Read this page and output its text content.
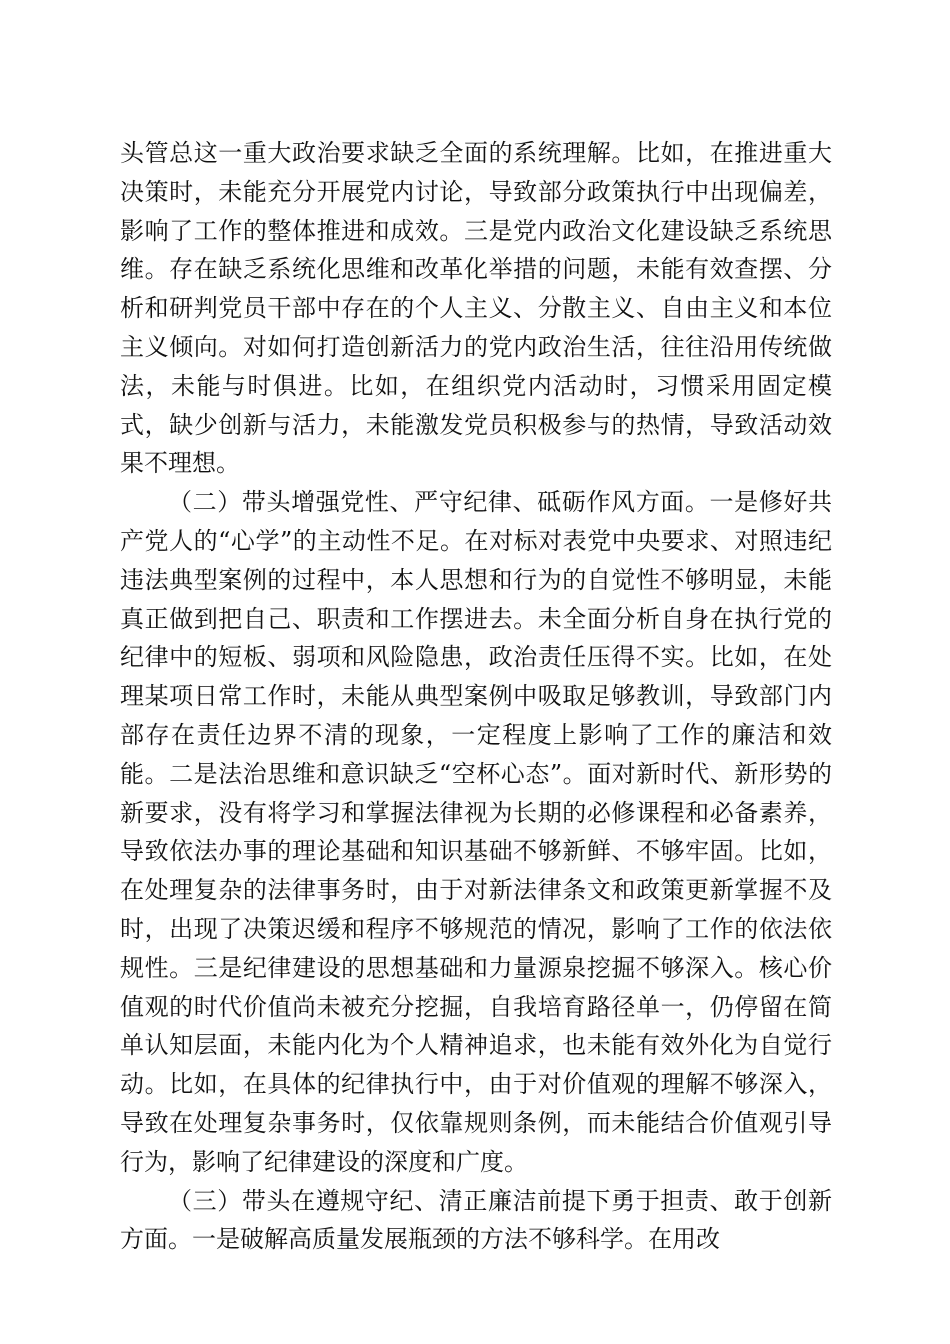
头管总这一重大政治要求缺乏全面的系统理解。比如，在推进重大决策时，未能充分开展党内讨论，导致部分政策执行中出现偏差，影响了工作的整体推进和成效。三是党内政治文化建设缺乏系统思维。存在缺乏系统化思维和改革化举措的问题，未能有效查摆、分析和研判党员干部中存在的个人主义、分散主义、自由主义和本位主义倾向。对如何打造创新活力的党内政治生活，往往沿用传统做法，未能与时俱进。比如，在组织党内活动时，习惯采用固定模式，缺少创新与活力，未能激发党员积极参与的热情，导致活动效果不理想。

（二）带头增强党性、严守纪律、砥砺作风方面。一是修好共产党人的“心学”的主动性不足。在对标对表党中央要求、对照违纪违法典型案例的过程中，本人思想和行为的自觉性不够明显，未能真正做到把自己、职责和工作摆进去。未全面分析自身在执行党的纪律中的短板、弱项和风险隐患，政治责任压得不实。比如，在处理某项日常工作时，未能从典型案例中吸取足够教训，导致部门内部存在责任边界不清的现象，一定程度上影响了工作的廉洁和效能。二是法治思维和意识缺乏“空杯心态”。面对新时代、新形势的新要求，没有将学习和掌握法律视为长期的必修课程和必备素养，导致依法办事的理论基础和知识基础不够新鲜、不够牢固。比如，在处理复杂的法律事务时，由于对新法律条文和政策更新掌握不及时，出现了决策迟缓和程序不够规范的情况，影响了工作的依法依规性。三是纪律建设的思想基础和力量源泉挖掘不够深入。核心价值观的时代价值尚未被充分挖掘，自我培育路径单一，仍停留在简单认知层面，未能内化为个人精神追求，也未能有效外化为自觉行动。比如，在具体的纪律执行中，由于对价值观的理解不够深入，导致在处理复杂事务时，仅依靠规则条例，而未能结合价值观引导行为，影响了纪律建设的深度和广度。

（三）带头在遵规守纪、清正廉洁前提下勇于担责、敢于创新方面。一是破解高质量发展瓶颈的方法不够科学。在用改
